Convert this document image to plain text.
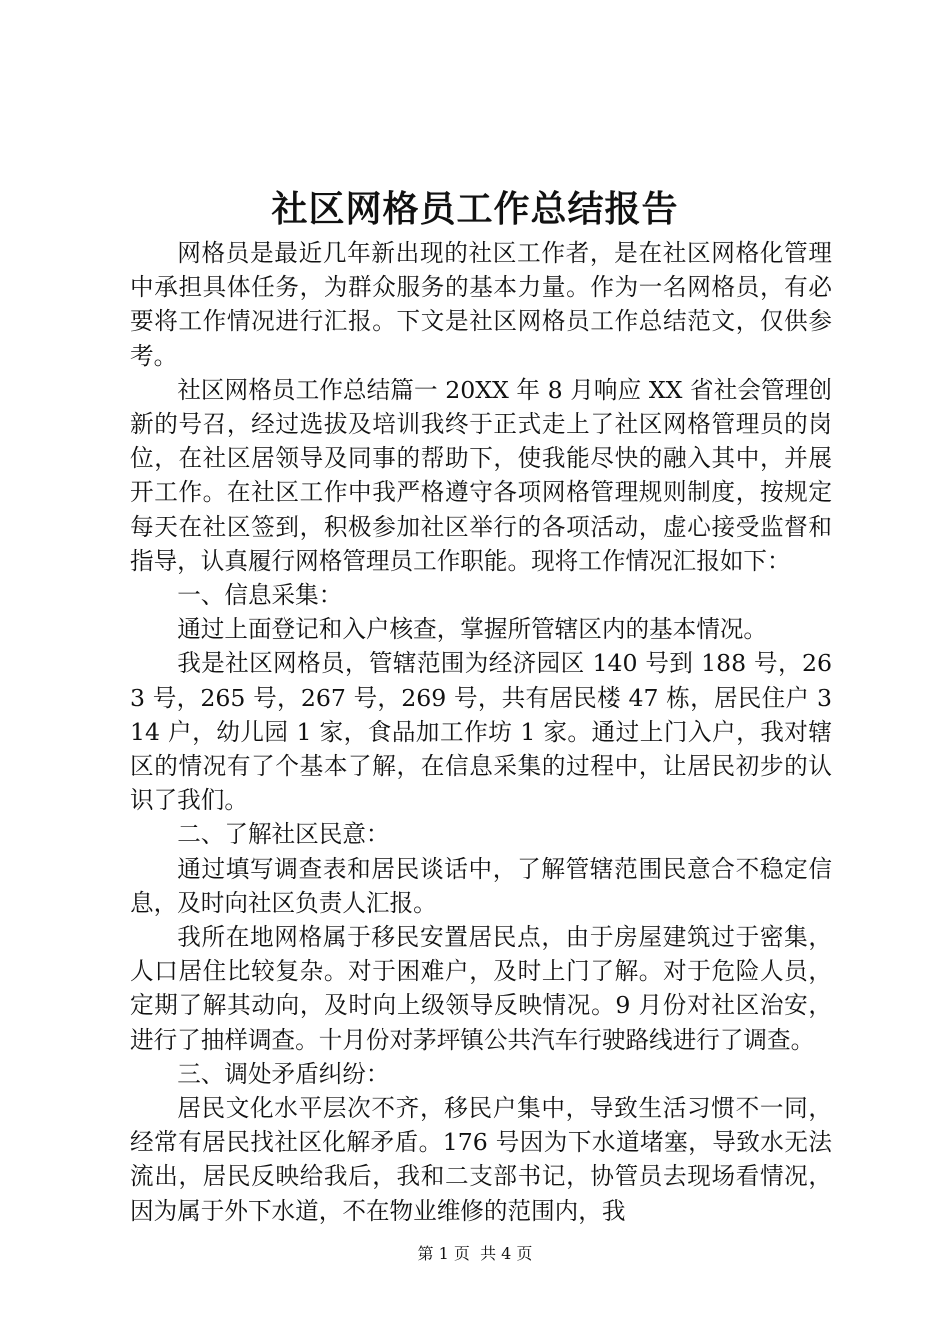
社区网格员工作总结报告

网格员是最近几年新出现的社区工作者，是在社区网格化管理中承担具体任务，为群众服务的基本力量。作为一名网格员，有必要将工作情况进行汇报。下文是社区网格员工作总结范文，仅供参考。

社区网格员工作总结篇一 20XX 年 8 月响应 XX 省社会管理创新的号召，经过选拔及培训我终于正式走上了社区网格管理员的岗位，在社区居领导及同事的帮助下，使我能尽快的融入其中，并展开工作。在社区工作中我严格遵守各项网格管理规则制度，按规定每天在社区签到，积极参加社区举行的各项活动，虚心接受监督和指导，认真履行网格管理员工作职能。现将工作情况汇报如下：

一、信息采集：

通过上面登记和入户核查，掌握所管辖区内的基本情况。

我是社区网格员，管辖范围为经济园区 140 号到 188 号，263 号，265 号，267 号，269 号，共有居民楼 47 栋，居民住户 314 户，幼儿园 1 家，食品加工作坊 1 家。通过上门入户，我对辖区的情况有了个基本了解，在信息采集的过程中，让居民初步的认识了我们。

二、了解社区民意：

通过填写调查表和居民谈话中，了解管辖范围民意合不稳定信息，及时向社区负责人汇报。

我所在地网格属于移民安置居民点，由于房屋建筑过于密集，人口居住比较复杂。对于困难户，及时上门了解。对于危险人员，定期了解其动向，及时向上级领导反映情况。9 月份对社区治安，进行了抽样调查。十月份对茅坪镇公共汽车行驶路线进行了调查。

三、调处矛盾纠纷：

居民文化水平层次不齐，移民户集中，导致生活习惯不一同，经常有居民找社区化解矛盾。176 号因为下水道堵塞，导致水无法流出，居民反映给我后，我和二支部书记，协管员去现场看情况，因为属于外下水道，不在物业维修的范围内，我

第 1 页  共 4 页
